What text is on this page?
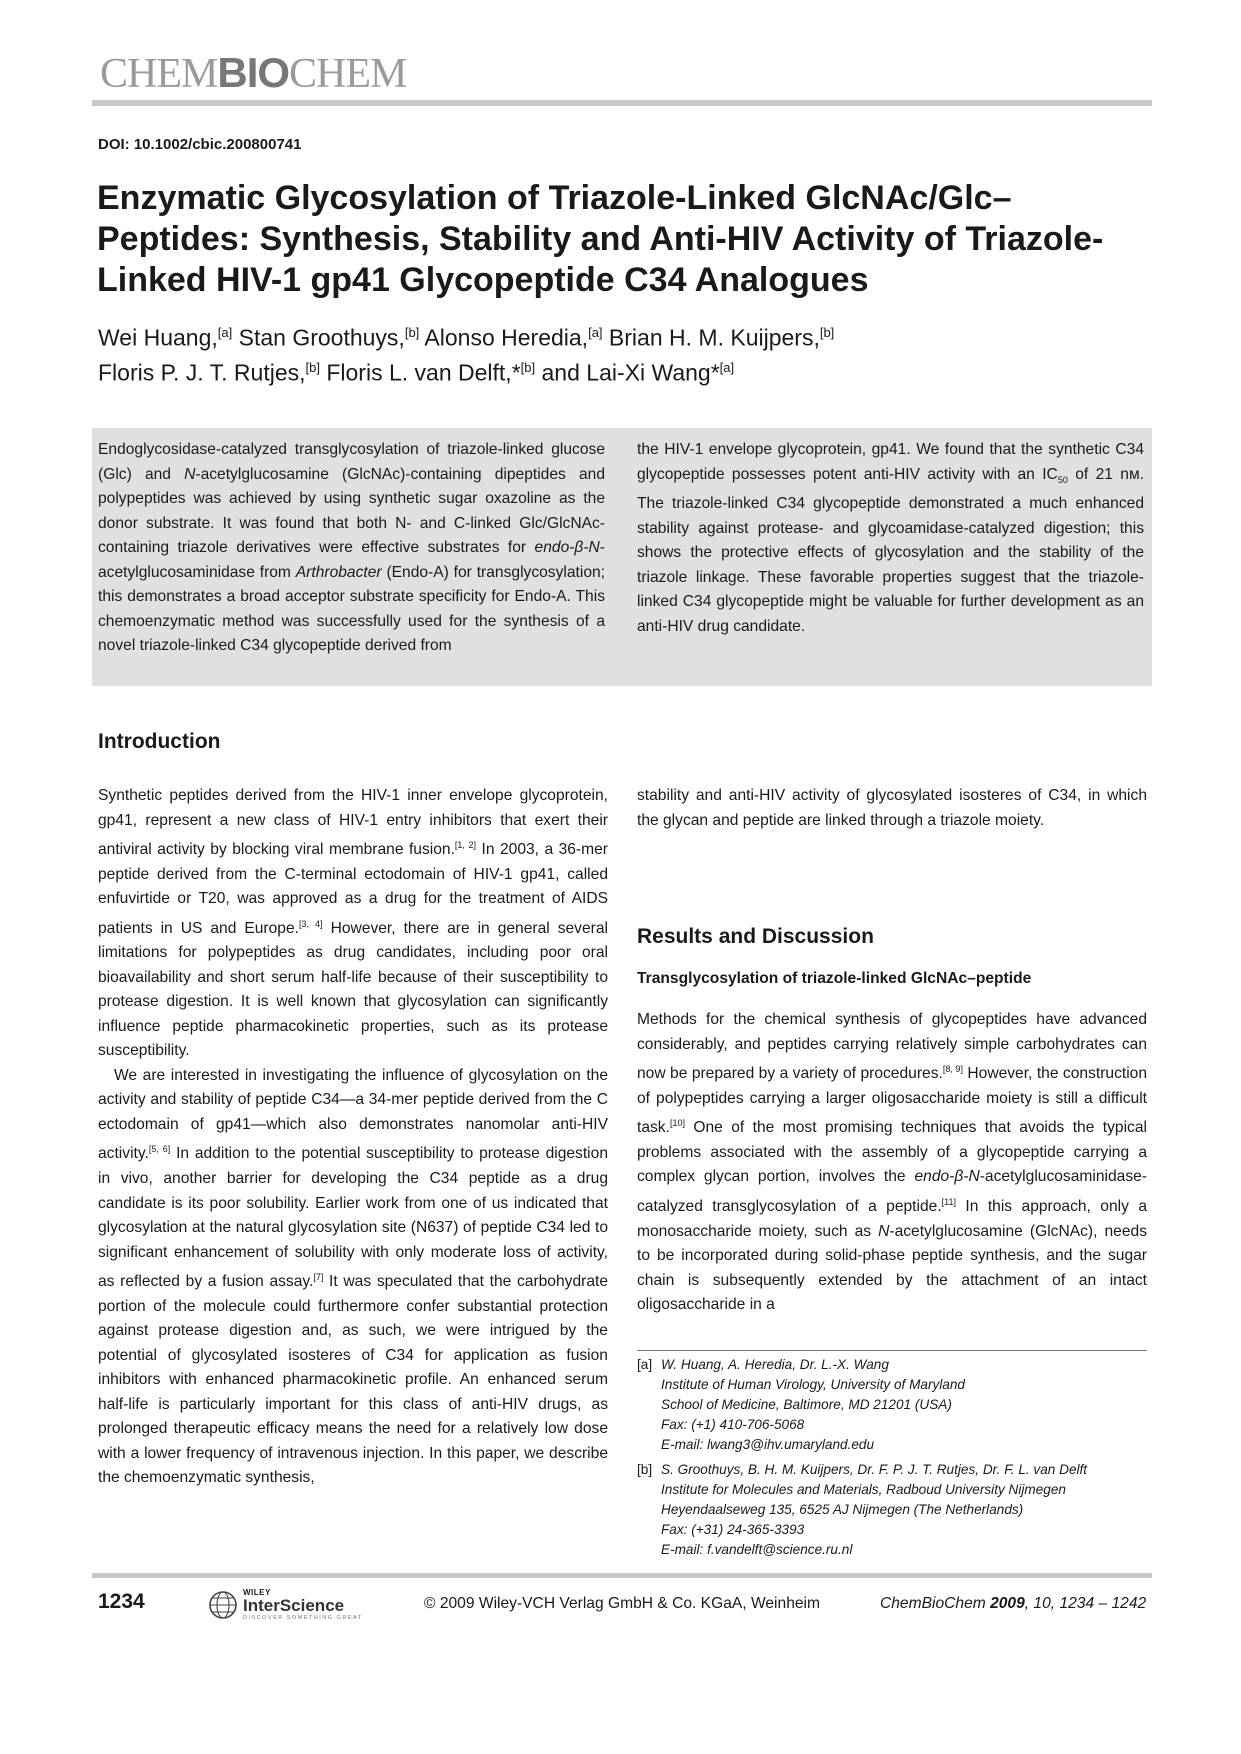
CHEMBIOCHEM
DOI: 10.1002/cbic.200800741
Enzymatic Glycosylation of Triazole-Linked GlcNAc/Glc–Peptides: Synthesis, Stability and Anti-HIV Activity of Triazole-Linked HIV-1 gp41 Glycopeptide C34 Analogues

Wei Huang,[a] Stan Groothuys,[b] Alonso Heredia,[a] Brian H. M. Kuijpers,[b]
Floris P. J. T. Rutjes,[b] Floris L. van Delft,*[b] and Lai-Xi Wang*[a]

Endoglycosidase-catalyzed transglycosylation of triazole-linked glucose (Glc) and N-acetylglucosamine (GlcNAc)-containing dipeptides and polypeptides was achieved by using synthetic sugar oxazoline as the donor substrate. It was found that both N- and C-linked Glc/GlcNAc-containing triazole derivatives were effective substrates for endo-β-N-acetylglucosaminidase from Arthrobacter (Endo-A) for transglycosylation; this demonstrates a broad acceptor substrate specificity for Endo-A. This chemoenzymatic method was successfully used for the synthesis of a novel triazole-linked C34 glycopeptide derived from

the HIV-1 envelope glycoprotein, gp41. We found that the synthetic C34 glycopeptide possesses potent anti-HIV activity with an $IC_{50}$ of 21 nм. The triazole-linked C34 glycopeptide demonstrated a much enhanced stability against protease- and glycoamidase-catalyzed digestion; this shows the protective effects of glycosylation and the stability of the triazole linkage. These favorable properties suggest that the triazole-linked C34 glycopeptide might be valuable for further development as an anti-HIV drug candidate.

Introduction

Synthetic peptides derived from the HIV-1 inner envelope glycoprotein, gp41, represent a new class of HIV-1 entry inhibitors that exert their antiviral activity by blocking viral membrane fusion.[1, 2] In 2003, a 36-mer peptide derived from the C-terminal ectodomain of HIV-1 gp41, called enfuvirtide or T20, was approved as a drug for the treatment of AIDS patients in US and Europe.[3, 4] However, there are in general several limitations for polypeptides as drug candidates, including poor oral bioavailability and short serum half-life because of their susceptibility to protease digestion. It is well known that glycosylation can significantly influence peptide pharmacokinetic properties, such as its protease susceptibility.

We are interested in investigating the influence of glycosylation on the activity and stability of peptide C34—a 34-mer peptide derived from the C ectodomain of gp41—which also demonstrates nanomolar anti-HIV activity.[5, 6] In addition to the potential susceptibility to protease digestion in vivo, another barrier for developing the C34 peptide as a drug candidate is its poor solubility. Earlier work from one of us indicated that glycosylation at the natural glycosylation site (N637) of peptide C34 led to significant enhancement of solubility with only moderate loss of activity, as reflected by a fusion assay.[7] It was speculated that the carbohydrate portion of the molecule could furthermore confer substantial protection against protease digestion and, as such, we were intrigued by the potential of glycosylated isosteres of C34 for application as fusion inhibitors with enhanced pharmacokinetic profile. An enhanced serum half-life is particularly important for this class of anti-HIV drugs, as prolonged therapeutic efficacy means the need for a relatively low dose with a lower frequency of intravenous injection. In this paper, we describe the chemoenzymatic synthesis,

stability and anti-HIV activity of glycosylated isosteres of C34, in which the glycan and peptide are linked through a triazole moiety.

Results and Discussion
Transglycosylation of triazole-linked GlcNAc–peptide

Methods for the chemical synthesis of glycopeptides have advanced considerably, and peptides carrying relatively simple carbohydrates can now be prepared by a variety of procedures.[8, 9] However, the construction of polypeptides carrying a larger oligosaccharide moiety is still a difficult task.[10] One of the most promising techniques that avoids the typical problems associated with the assembly of a glycopeptide carrying a complex glycan portion, involves the endo-β-N-acetylglucosaminidase-catalyzed transglycosylation of a peptide.[11] In this approach, only a monosaccharide moiety, such as N-acetylglucosamine (GlcNAc), needs to be incorporated during solid-phase peptide synthesis, and the sugar chain is subsequently extended by the attachment of an intact oligosaccharide in a

[a] W. Huang, A. Heredia, Dr. L.-X. Wang
Institute of Human Virology, University of Maryland
School of Medicine, Baltimore, MD 21201 (USA)
Fax: (+1) 410-706-5068
E-mail: lwang3@ihv.umaryland.edu
[b] S. Groothuys, B. H. M. Kuijpers, Dr. F. P. J. T. Rutjes, Dr. F. L. van Delft
Institute for Molecules and Materials, Radboud University Nijmegen
Heyendaalseweg 135, 6525 AJ Nijmegen (The Netherlands)
Fax: (+31) 24-365-3393
E-mail: f.vandelft@science.ru.nl
1234	WILEY
InterScience
DISCOVER SOMETHING GREAT
© 2009 Wiley-VCH Verlag GmbH & Co. KGaA, Weinheim	ChemBioChem 2009, 10, 1234 – 1242
